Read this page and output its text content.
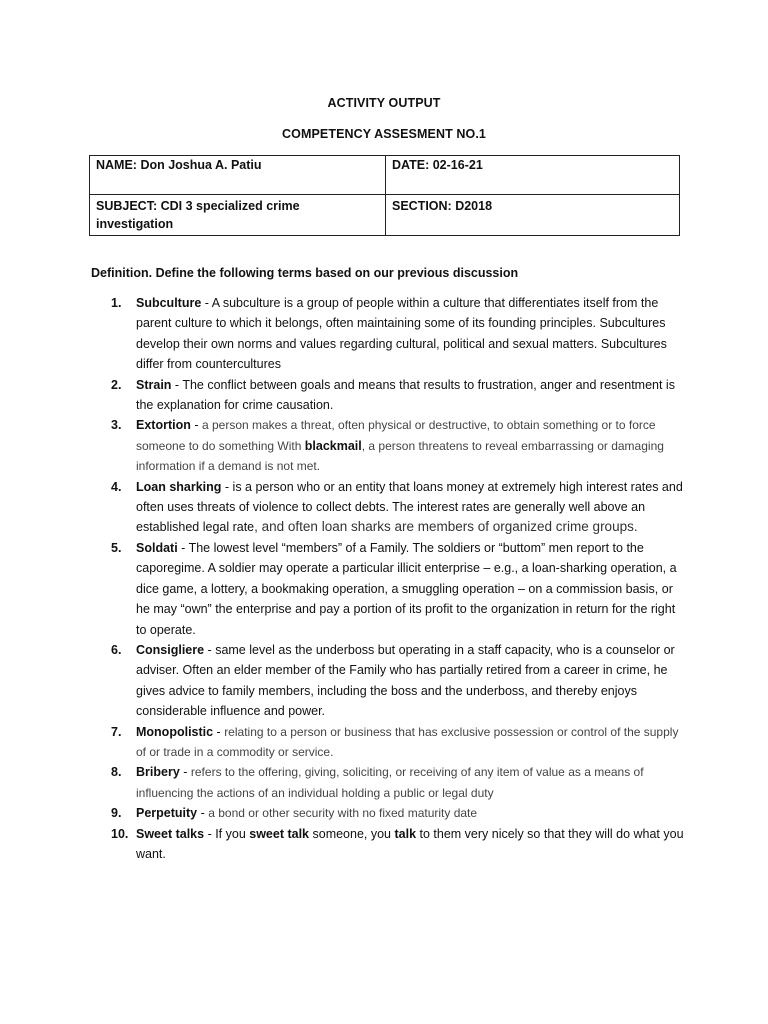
ACTIVITY OUTPUT
COMPETENCY ASSESMENT NO.1
NAME: Don Joshua A. Patiu	DATE: 02-16-21
SUBJECT: CDI 3 specialized crime investigation	SECTION: D2018
Definition. Define the following terms based on our previous discussion
1. Subculture - A subculture is a group of people within a culture that differentiates itself from the parent culture to which it belongs, often maintaining some of its founding principles. Subcultures develop their own norms and values regarding cultural, political and sexual matters. Subcultures differ from countercultures
2. Strain - The conflict between goals and means that results to frustration, anger and resentment is the explanation for crime causation.
3. Extortion - a person makes a threat, often physical or destructive, to obtain something or to force someone to do something With blackmail, a person threatens to reveal embarrassing or damaging information if a demand is not met.
4. Loan sharking - is a person who or an entity that loans money at extremely high interest rates and often uses threats of violence to collect debts. The interest rates are generally well above an established legal rate, and often loan sharks are members of organized crime groups.
5. Soldati - The lowest level “members” of a Family. The soldiers or “buttom” men report to the caporegime. A soldier may operate a particular illicit enterprise – e.g., a loan-sharking operation, a dice game, a lottery, a bookmaking operation, a smuggling operation – on a commission basis, or he may “own” the enterprise and pay a portion of its profit to the organization in return for the right to operate.
6. Consigliere - same level as the underboss but operating in a staff capacity, who is a counselor or adviser. Often an elder member of the Family who has partially retired from a career in crime, he gives advice to family members, including the boss and the underboss, and thereby enjoys considerable influence and power.
7. Monopolistic - relating to a person or business that has exclusive possession or control of the supply of or trade in a commodity or service.
8. Bribery - refers to the offering, giving, soliciting, or receiving of any item of value as a means of influencing the actions of an individual holding a public or legal duty
9. Perpetuity - a bond or other security with no fixed maturity date
10. Sweet talks - If you sweet talk someone, you talk to them very nicely so that they will do what you want.
